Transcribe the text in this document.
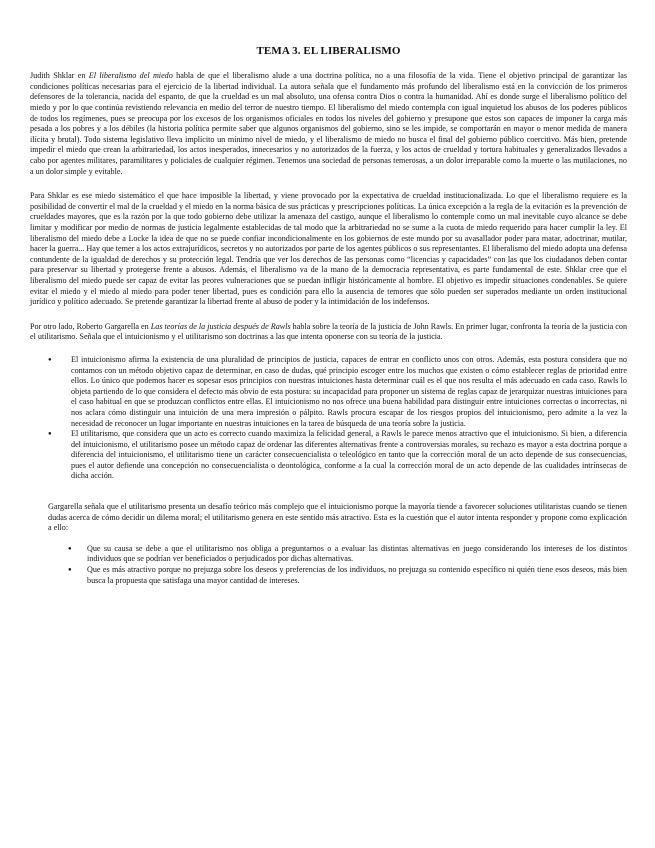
TEMA 3. EL LIBERALISMO

Judith Shklar en El liberalismo del miedo habla de que el liberalismo alude a una doctrina política, no a una filosofía de la vida. Tiene el objetivo principal de garantizar las condiciones políticas necesarias para el ejercicio de la libertad individual. La autora señala que el fundamento más profundo del liberalismo está en la convicción de los primeros defensores de la tolerancia, nacida del espanto, de que la crueldad es un mal absoluto, una ofensa contra Dios o contra la humanidad. Ahí es donde surge el liberalismo político del miedo y por lo que continúa revistiendo relevancia en medio del terror de nuestro tiempo. El liberalismo del miedo contempla con igual inquietud los abusos de los poderes públicos de todos los regímenes, pues se preocupa por los excesos de los organismos oficiales en todos los niveles del gobierno y presupone que estos son capaces de imponer la carga más pesada a los pobres y a los débiles (la historia política permite saber que algunos organismos del gobierno, sino se les impide, se comportarán en mayor o menor medida de manera ilícita y brutal). Todo sistema legislativo lleva implícito un mínimo nivel de miedo, y el liberalismo de miedo no busca el final del gobierno público coercitivo. Más bien, pretende impedir el miedo que crean la arbitrariedad, los actos inesperados, innecesarios y no autorizados de la fuerza, y los actos de crueldad y tortura habituales y generalizados llevados a cabo por agentes militares, paramilitares y policiales de cualquier régimen. Tenemos una sociedad de personas temerosas, a un dolor irreparable como la muerte o las mutilaciones, no a un dolor simple y evitable.

Para Shklar es ese miedo sistemático el que hace imposible la libertad, y viene provocado por la expectativa de crueldad institucionalizada. Lo que el liberalismo requiere es la posibilidad de convertir el mal de la crueldad y el miedo en la norma básica de sus prácticas y prescripciones políticas. La única excepción a la regla de la evitación es la prevención de crueldades mayores, que es la razón por la que todo gobierno debe utilizar la amenaza del castigo, aunque el liberalismo lo contemple como un mal inevitable cuyo alcance se debe limitar y modificar por medio de normas de justicia legalmente establecidas de tal modo que la arbitrariedad no se sume a la cuota de miedo requerido para hacer cumplir la ley. El liberalismo del miedo debe a Locke la idea de que no se puede confiar incondicionalmente en los gobiernos de este mundo por su avasallador poder para matar, adoctrinar, mutilar, hacer la guerra... Hay que temer a los actos extrajurídicos, secretos y no autorizados por parte de los agentes públicos o sus representantes. El liberalismo del miedo adopta una defensa contundente de la igualdad de derechos y su protección legal. Tendría que ver los derechos de las personas como “licencias y capacidades” con las que los ciudadanos deben contar para preservar su libertad y protegerse frente a abusos. Además, el liberalismo va de la mano de la democracia representativa, es parte fundamental de este. Shklar cree que el liberalismo del miedo puede ser capaz de evitar las peores vulneraciones que se puedan infligir históricamente al hombre. El objetivo es impedir situaciones condenables. Se quiere evitar el miedo y el miedo al miedo para poder tener libertad, pues es condición para ello la ausencia de temores que sólo pueden ser superados mediante un orden institucional jurídico y político adecuado. Se pretende garantizar la libertad frente al abuso de poder y la intimidación de los indefensos.

Por otro lado, Roberto Gargarella en Las teorías de la justicia después de Rawls habla sobre la teoría de la justicia de John Rawls. En primer lugar, confronta la teoría de la justicia con el utilitarismo. Señala que el intuicionismo y el utilitarismo son doctrinas a las que intenta oponerse con su teoría de la justicia.

● El intuicionismo afirma la existencia de una pluralidad de principios de justicia, capaces de entrar en conflicto unos con otros. Además, esta postura considera que no contamos con un método objetivo capaz de determinar, en caso de dudas, qué principio escoger entre los muchos que existen o cómo establecer reglas de prioridad entre ellos. Lo único que podemos hacer es sopesar esos principios con nuestras intuiciones hasta determinar cuál es el que nos resulta el más adecuado en cada caso. Rawls lo objeta partiendo de lo que considera el defecto más obvio de esta postura: su incapacidad para proponer un sistema de reglas capaz de jerarquizar nuestras intuiciones para el caso habitual en que se produzcan conflictos entre ellas. El intuicionismo no nos ofrece una buena habilidad para distinguir entre intuiciones correctas o incorrectas, ni nos aclara cómo distinguir una intuición de una mera impresión o pálpito. Rawls procura escapar de los riesgos propios del intuicionismo, pero admite a la vez la necesidad de reconocer un lugar importante en nuestras intuiciones en la tarea de búsqueda de una teoría sobre la justicia.
● El utilitarismo, que considera que un acto es correcto cuando maximiza la felicidad general, a Rawls le parece menos atractivo que el intuicionismo. Si bien, a diferencia del intuicionismo, el utilitarismo posee un método capaz de ordenar las diferentes alternativas frente a controversias morales, su rechazo es mayor a esta doctrina porque a diferencia del intuicionismo, el utilitarismo tiene un carácter consecuencialista o teleológico en tanto que la corrección moral de un acto depende de sus consecuencias, pues el autor defiende una concepción no consecuencialista o deontológica, conforme a la cual la corrección moral de un acto depende de las cualidades intrínsecas de dicha acción.

Gargarella señala que el utilitarismo presenta un desafío teórico más complejo que el intuicionismo porque la mayoría tiende a favorecer soluciones utilitaristas cuando se tienen dudas acerca de cómo decidir un dilema moral; el utilitarismo genera en este sentido más atractivo. Esta es la cuestión que el autor intenta responder y propone como explicación a ello:

● Que su causa se debe a que el utilitarismo nos obliga a preguntarnos o a evaluar las distintas alternativas en juego considerando los intereses de los distintos individuos que se podrían ver beneficiados o perjudicados por dichas alternativas.
● Que es más atractivo porque no prejuzga sobre los deseos y preferencias de los individuos, no prejuzga su contenido específico ni quién tiene esos deseos, más bien busca la propuesta que satisfaga una mayor cantidad de intereses.
